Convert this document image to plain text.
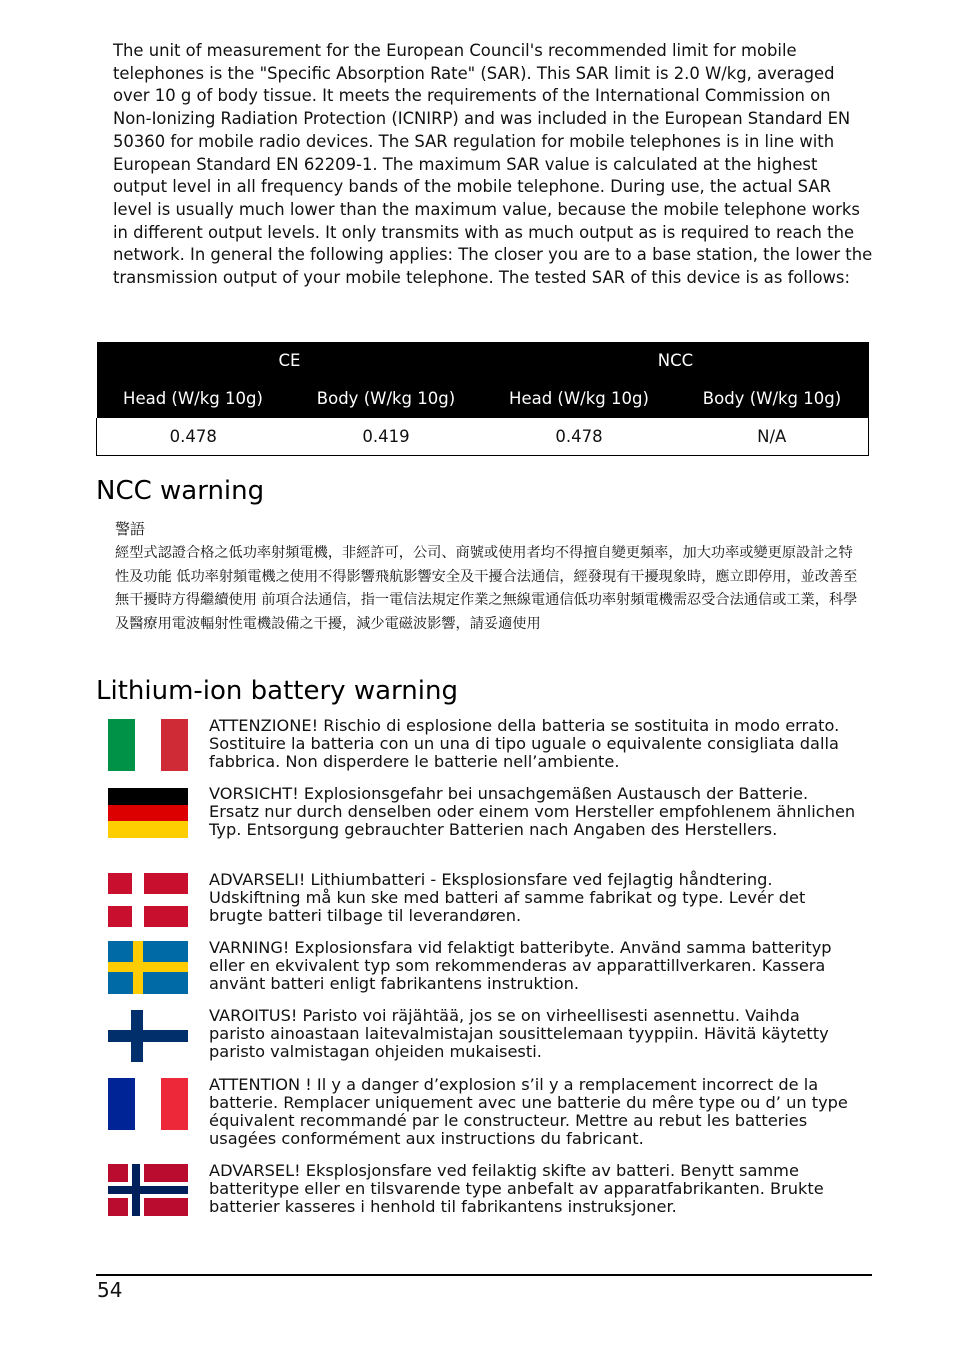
The unit of measurement for the European Council's recommended limit for mobile telephones is the "Specific Absorption Rate" (SAR). This SAR limit is 2.0 W/kg, averaged over 10 g of body tissue. It meets the requirements of the International Commission on Non-Ionizing Radiation Protection (ICNIRP) and was included in the European Standard EN 50360 for mobile radio devices. The SAR regulation for mobile telephones is in line with European Standard EN 62209-1. The maximum SAR value is calculated at the highest output level in all frequency bands of the mobile telephone. During use, the actual SAR level is usually much lower than the maximum value, because the mobile telephone works in different output levels. It only transmits with as much output as is required to reach the network. In general the following applies: The closer you are to a base station, the lower the transmission output of your mobile telephone. The tested SAR of this device is as follows:

CE		NCC	
Head (W/kg 10g)	Body (W/kg 10g)	Head (W/kg 10g)	Body (W/kg 10g)
0.478	0.419	0.478	N/A
NCC warning

警語

經型式認證合格之低功率射頻電機，非經許可，公司、商號或使用者均不得擅自變更頻率，加大功率或變更原設計之特性及功能 低功率射頻電機之使用不得影響飛航影響安全及干擾合法通信，經發現有干擾現象時，應立即停用，並改善至無干擾時方得繼續使用 前項合法通信，指一電信法規定作業之無線電通信低功率射頻電機需忍受合法通信或工業，科學及醫療用電波輻射性電機設備之干擾，減少電磁波影響，請妥適使用

Lithium-ion battery warning

ATTENZIONE! Rischio di esplosione della batteria se sostituita in modo errato. Sostituire la batteria con un una di tipo uguale o equivalente consigliata dalla fabbrica. Non disperdere le batterie nell’ambiente.

VORSICHT! Explosionsgefahr bei unsachgemäßen Austausch der Batterie. Ersatz nur durch denselben oder einem vom Hersteller empfohlenem ähnlichen Typ. Entsorgung gebrauchter Batterien nach Angaben des Herstellers.

ADVARSELI! Lithiumbatteri - Eksplosionsfare ved fejlagtig håndtering. Udskiftning må kun ske med batteri af samme fabrikat og type. Levér det brugte batteri tilbage til leverandøren.

VARNING! Explosionsfara vid felaktigt batteribyte. Använd samma batterityp eller en ekvivalent typ som rekommenderas av apparattillverkaren. Kassera använt batteri enligt fabrikantens instruktion.

VAROITUS! Paristo voi räjähtää, jos se on virheellisesti asennettu. Vaihda paristo ainoastaan laitevalmistajan sousittelemaan tyyppiin. Hävitä käytetty paristo valmistagan ohjeiden mukaisesti.

ATTENTION ! Il y a danger d’explosion s’il y a remplacement incorrect de la batterie. Remplacer uniquement avec une batterie du mêre type ou d’ un type équivalent recommandé par le constructeur. Mettre au rebut les batteries usagées conformément aux instructions du fabricant.

ADVARSEL! Eksplosjonsfare ved feilaktig skifte av batteri. Benytt samme batteritype eller en tilsvarende type anbefalt av apparatfabrikanten. Brukte batterier kasseres i henhold til fabrikantens instruksjoner.

54
